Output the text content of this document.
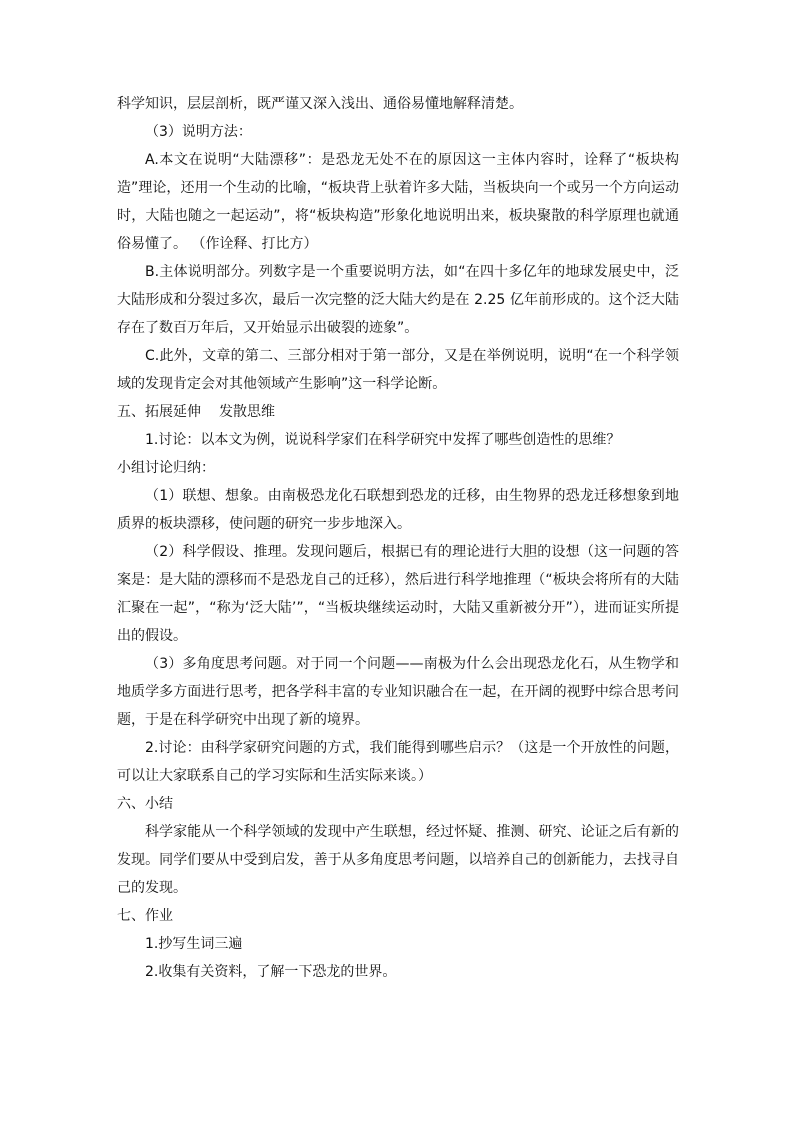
科学知识，层层剖析，既严谨又深入浅出、通俗易懂地解释清楚。

（3）说明方法：

A.本文在说明“大陆漂移”：是恐龙无处不在的原因这一主体内容时，诠释了“板块构造”理论，还用一个生动的比喻，“板块背上驮着许多大陆，当板块向一个或另一个方向运动时，大陆也随之一起运动”，将“板块构造”形象化地说明出来，板块聚散的科学原理也就通俗易懂了。 （作诠释、打比方）

B.主体说明部分。列数字是一个重要说明方法，如“在四十多亿年的地球发展史中，泛大陆形成和分裂过多次，最后一次完整的泛大陆大约是在 2.25 亿年前形成的。这个泛大陆存在了数百万年后，又开始显示出破裂的迹象”。

C.此外，文章的第二、三部分相对于第一部分，又是在举例说明，说明“在一个科学领域的发现肯定会对其他领域产生影响”这一科学论断。

五、拓展延伸 发散思维

1.讨论：以本文为例，说说科学家们在科学研究中发挥了哪些创造性的思维？

小组讨论归纳：

（1）联想、想象。由南极恐龙化石联想到恐龙的迁移，由生物界的恐龙迁移想象到地质界的板块漂移，使问题的研究一步步地深入。

（2）科学假设、推理。发现问题后，根据已有的理论进行大胆的设想（这一问题的答案是：是大陆的漂移而不是恐龙自己的迁移），然后进行科学地推理（“板块会将所有的大陆汇聚在一起”，“称为‘泛大陆’”，“当板块继续运动时，大陆又重新被分开”），进而证实所提出的假设。

（3）多角度思考问题。对于同一个问题——南极为什么会出现恐龙化石，从生物学和地质学多方面进行思考，把各学科丰富的专业知识融合在一起，在开阔的视野中综合思考问题，于是在科学研究中出现了新的境界。

2.讨论：由科学家研究问题的方式，我们能得到哪些启示？（这是一个开放性的问题，可以让大家联系自己的学习实际和生活实际来谈。）

六、小结

科学家能从一个科学领域的发现中产生联想，经过怀疑、推测、研究、论证之后有新的发现。同学们要从中受到启发，善于从多角度思考问题，以培养自己的创新能力，去找寻自己的发现。

七、作业

1.抄写生词三遍

2.收集有关资料，了解一下恐龙的世界。
